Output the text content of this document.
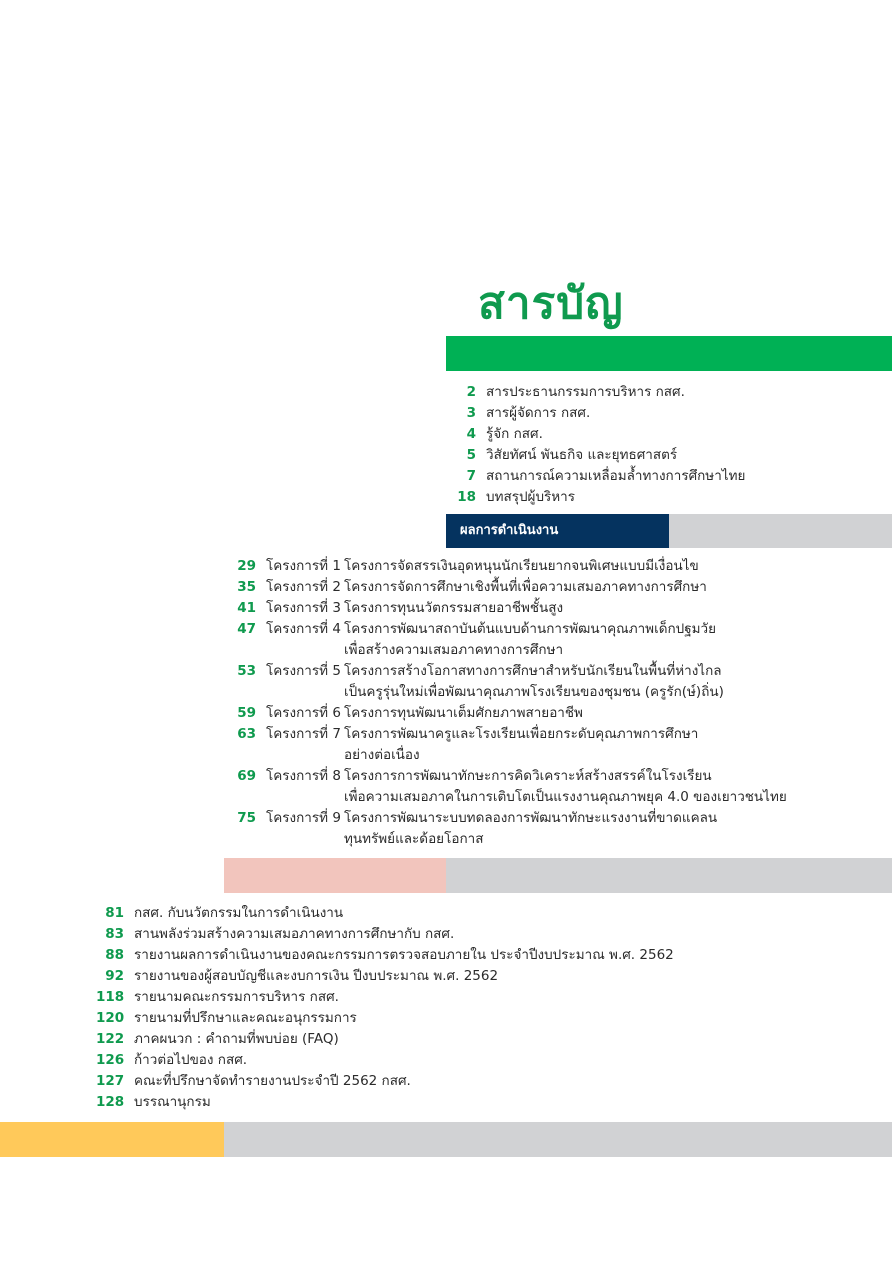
สารบัญ
ผลการดำเนินงาน
2 สารประธานกรรมการบริหาร กสศ.
3 สารผู้จัดการ กสศ.
4 รู้จัก กสศ.
5 วิสัยทัศน์ พันธกิจ และยุทธศาสตร์
7 สถานการณ์ความเหลื่อมล้ำทางการศึกษาไทย
18 บทสรุปผู้บริหาร
29 โครงการที่ 1 โครงการจัดสรรเงินอุดหนุนนักเรียนยากจนพิเศษแบบมีเงื่อนไข
35 โครงการที่ 2 โครงการจัดการศึกษาเชิงพื้นที่เพื่อความเสมอภาคทางการศึกษา
41 โครงการที่ 3 โครงการทุนนวัตกรรมสายอาชีพชั้นสูง
47 โครงการที่ 4 โครงการพัฒนาสถาบันต้นแบบด้านการพัฒนาคุณภาพเด็กปฐมวัย
เพื่อสร้างความเสมอภาคทางการศึกษา
53 โครงการที่ 5 โครงการสร้างโอกาสทางการศึกษาสำหรับนักเรียนในพื้นที่ห่างไกล
เป็นครูรุ่นใหม่เพื่อพัฒนาคุณภาพโรงเรียนของชุมชน (ครูรัก(ษ์)ถิ่น)
59 โครงการที่ 6 โครงการทุนพัฒนาเต็มศักยภาพสายอาชีพ
63 โครงการที่ 7 โครงการพัฒนาครูและโรงเรียนเพื่อยกระดับคุณภาพการศึกษา
อย่างต่อเนื่อง
69 โครงการที่ 8 โครงการการพัฒนาทักษะการคิดวิเคราะห์สร้างสรรค์ในโรงเรียน
เพื่อความเสมอภาคในการเติบโตเป็นแรงงานคุณภาพยุค 4.0 ของเยาวชนไทย
75 โครงการที่ 9 โครงการพัฒนาระบบทดลองการพัฒนาทักษะแรงงานที่ขาดแคลน
ทุนทรัพย์และด้อยโอกาส
81 กสศ. กับนวัตกรรมในการดำเนินงาน
83 สานพลังร่วมสร้างความเสมอภาคทางการศึกษากับ กสศ.
88 รายงานผลการดำเนินงานของคณะกรรมการตรวจสอบภายใน ประจำปีงบประมาณ พ.ศ. 2562
92 รายงานของผู้สอบบัญชีและงบการเงิน ปีงบประมาณ พ.ศ. 2562
118 รายนามคณะกรรมการบริหาร กสศ.
120 รายนามที่ปรึกษาและคณะอนุกรรมการ
122 ภาคผนวก : คำถามที่พบบ่อย (FAQ)
126 ก้าวต่อไปของ กสศ.
127 คณะที่ปรึกษาจัดทำรายงานประจำปี 2562 กสศ.
128 บรรณานุกรม
